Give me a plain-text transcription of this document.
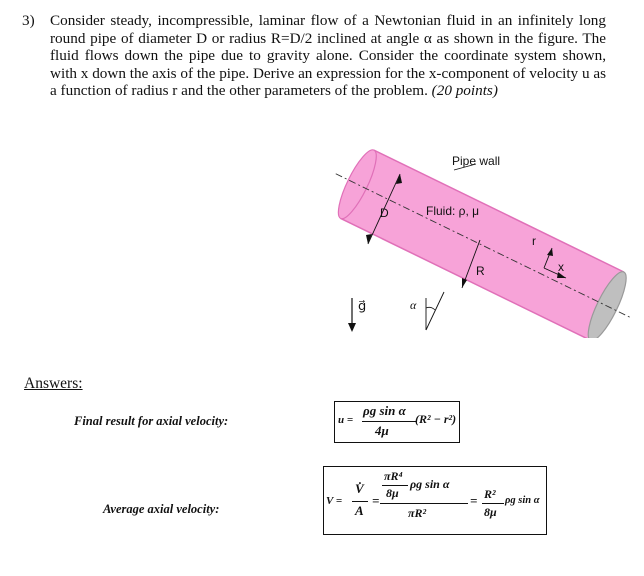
3) Consider steady, incompressible, laminar flow of a Newtonian fluid in an infinitely long round pipe of diameter D or radius R=D/2 inclined at angle α as shown in the figure. The fluid flows down the pipe due to gravity alone. Consider the coordinate system shown, with x down the axis of the pipe. Derive an expression for the x-component of velocity u as a function of radius r and the other parameters of the problem. (20 points)
Pipe wall
Fluid: ρ, μ
D
R
r
x
g⃗	α
Answers:
Final result for axial velocity:	u =
ρg sin α
4μ
(R² − r²)
Average axial velocity:
V =
V̇
A
=
πR⁴
8μ
ρg sin α
πR²
= R²
8μ
ρg sin α
